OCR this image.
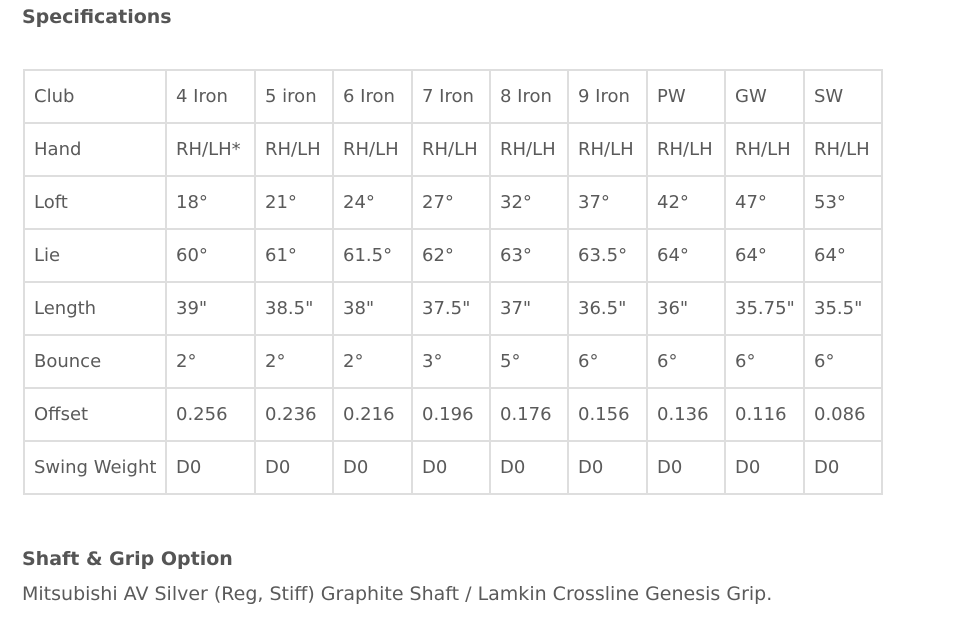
Specifications
Club	4 Iron	5 iron	6 Iron	7 Iron	8 Iron	9 Iron	PW	GW	SW
Hand	RH/LH*	RH/LH	RH/LH	RH/LH	RH/LH	RH/LH	RH/LH	RH/LH	RH/LH
Loft	18°	21°	24°	27°	32°	37°	42°	47°	53°
Lie	60°	61°	61.5°	62°	63°	63.5°	64°	64°	64°
Length	39"	38.5"	38"	37.5"	37"	36.5"	36"	35.75"	35.5"
Bounce	2°	2°	2°	3°	5°	6°	6°	6°	6°
Offset	0.256	0.236	0.216	0.196	0.176	0.156	0.136	0.116	0.086
Swing Weight	D0	D0	D0	D0	D0	D0	D0	D0	D0
Shaft & Grip Option

Mitsubishi AV Silver (Reg, Stiff) Graphite Shaft / Lamkin Crossline Genesis Grip.
